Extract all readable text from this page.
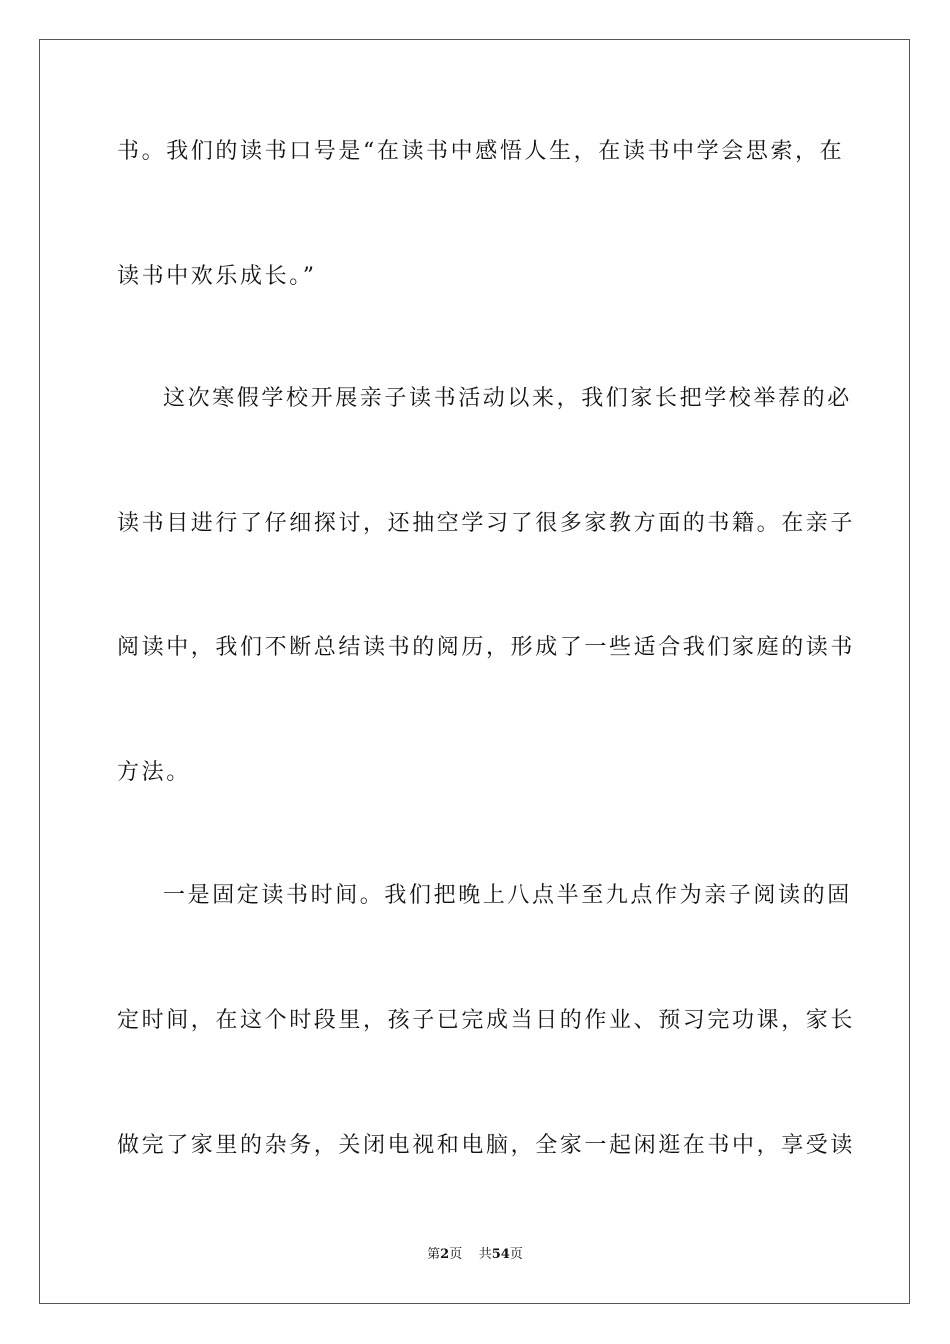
书。我们的读书口号是“在读书中感悟人生，在读书中学会思索，在
读书中欢乐成长。”
这次寒假学校开展亲子读书活动以来，我们家长把学校举荐的必
读书目进行了仔细探讨，还抽空学习了很多家教方面的书籍。在亲子
阅读中，我们不断总结读书的阅历，形成了一些适合我们家庭的读书
方法。
一是固定读书时间。我们把晚上八点半至九点作为亲子阅读的固
定时间，在这个时段里，孩子已完成当日的作业、预习完功课，家长
做完了家里的杂务，关闭电视和电脑，全家一起闲逛在书中，享受读
第2页 共54页
